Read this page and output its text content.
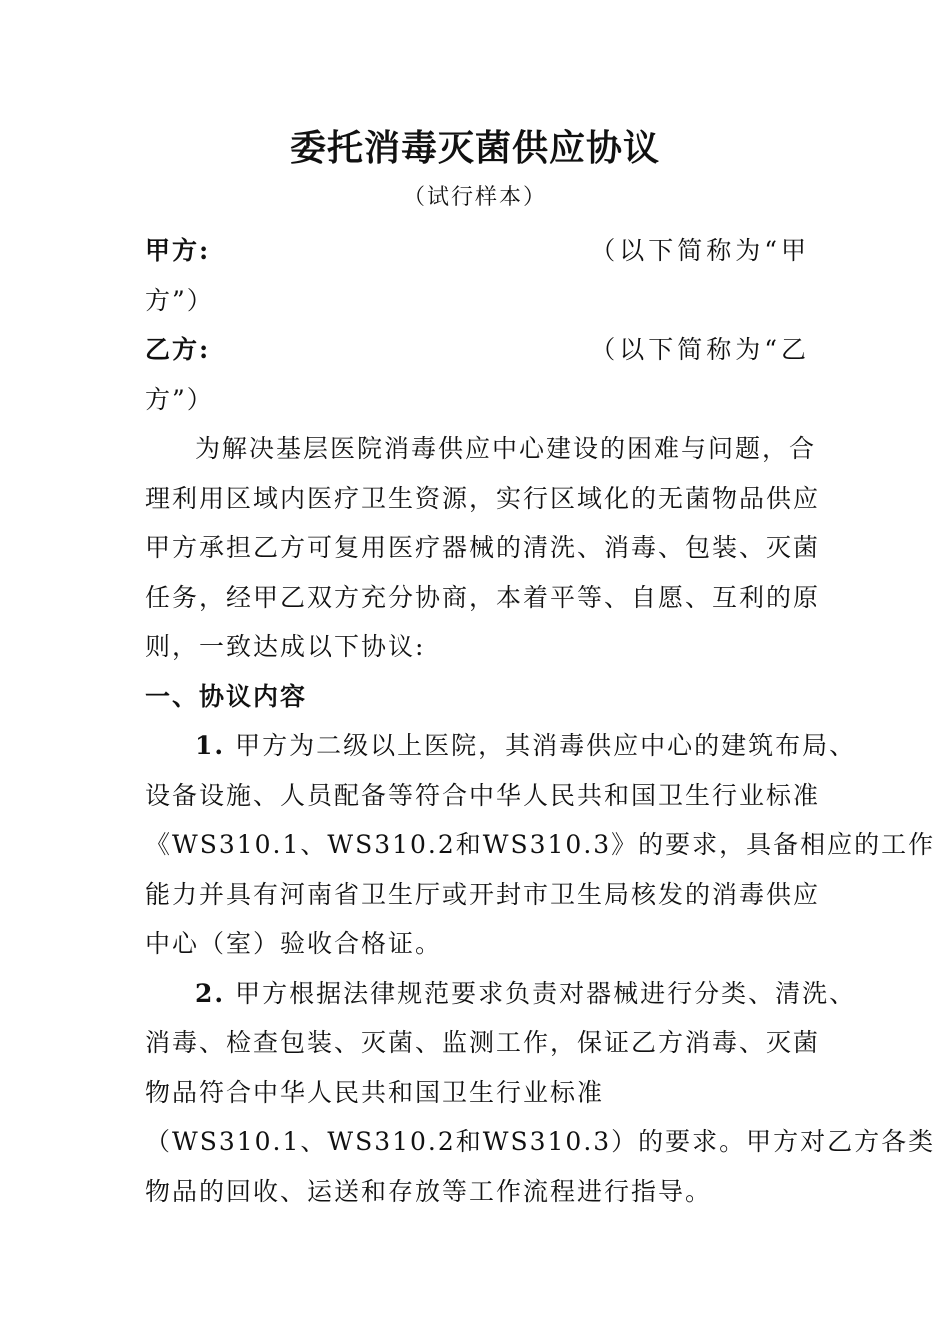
委托消毒灭菌供应协议
（试行样本）
甲方:	（以下简称为“甲
方”）
乙方:	（以下简称为“乙
方”）
为解决基层医院消毒供应中心建设的困难与问题，合
理利用区域内医疗卫生资源，实行区域化的无菌物品供应
甲方承担乙方可复用医疗器械的清洗、消毒、包装、灭菌
任务，经甲乙双方充分协商，本着平等、自愿、互利的原
则，一致达成以下协议:
一、协议内容
1. 甲方为二级以上医院，其消毒供应中心的建筑布局、
设备设施、人员配备等符合中华人民共和国卫生行业标准
《WS310.1、WS310.2和WS310.3》的要求，具备相应的工作
能力并具有河南省卫生厅或开封市卫生局核发的消毒供应
中心（室）验收合格证。
2. 甲方根据法律规范要求负责对器械进行分类、清洗、
消毒、检查包装、灭菌、监测工作，保证乙方消毒、灭菌
物品符合中华人民共和国卫生行业标准
（WS310.1、WS310.2和WS310.3）的要求。甲方对乙方各类
物品的回收、运送和存放等工作流程进行指导。
